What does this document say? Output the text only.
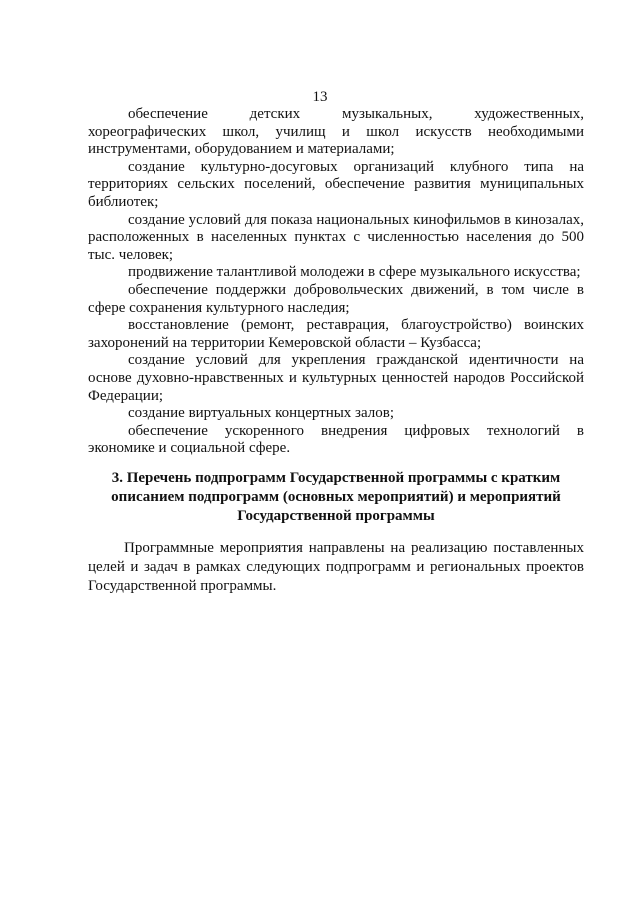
13

обеспечение детских музыкальных, художественных, хореографических школ, училищ и школ искусств необходимыми инструментами, оборудованием и материалами;

создание культурно-досуговых организаций клубного типа на территориях сельских поселений, обеспечение развития муниципальных библиотек;

создание условий для показа национальных кинофильмов в кинозалах, расположенных в населенных пунктах с численностью населения до 500 тыс. человек;

продвижение талантливой молодежи в сфере музыкального искусства;

обеспечение поддержки добровольческих движений, в том числе в сфере сохранения культурного наследия;

восстановление (ремонт, реставрация, благоустройство) воинских захоронений на территории Кемеровской области – Кузбасса;

создание условий для укрепления гражданской идентичности на основе духовно-нравственных и культурных ценностей народов Российской Федерации;

создание виртуальных концертных залов;

обеспечение ускоренного внедрения цифровых технологий в экономике и социальной сфере.

3. Перечень подпрограмм Государственной программы с кратким описанием подпрограмм (основных мероприятий) и мероприятий Государственной программы

Программные мероприятия направлены на реализацию поставленных целей и задач в рамках следующих подпрограмм и региональных проектов Государственной программы.
